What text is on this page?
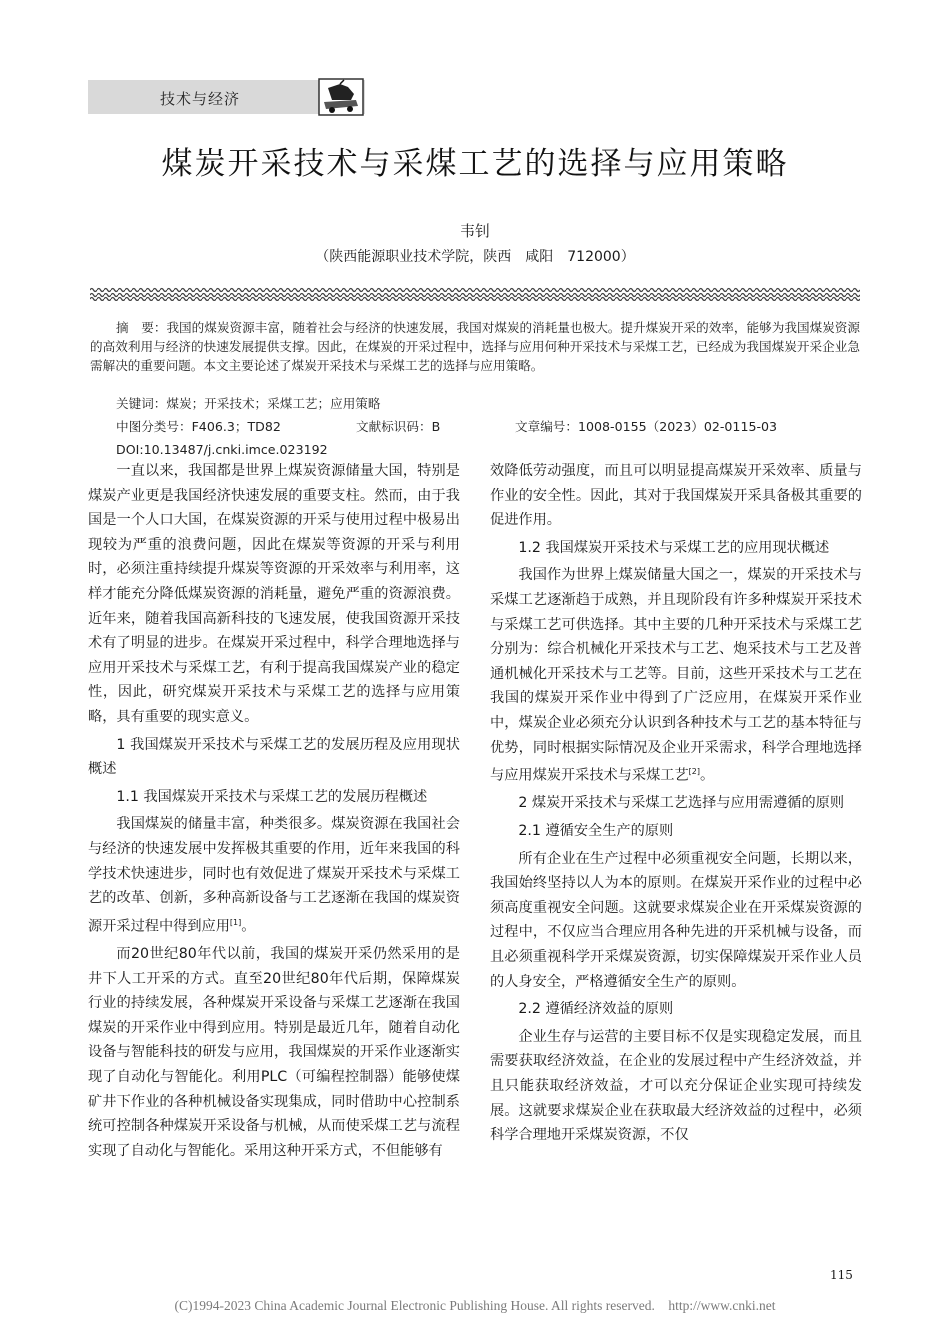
技术与经济
煤炭开采技术与采煤工艺的选择与应用策略
韦钊
（陕西能源职业技术学院，陕西　咸阳　712000）
摘　要：我国的煤炭资源丰富，随着社会与经济的快速发展，我国对煤炭的消耗量也极大。提升煤炭开采的效率，能够为我国煤炭资源的高效利用与经济的快速发展提供支撑。因此，在煤炭的开采过程中，选择与应用何种开采技术与采煤工艺，已经成为我国煤炭开采企业急需解决的重要问题。本文主要论述了煤炭开采技术与采煤工艺的选择与应用策略。
关键词：煤炭；开采技术；采煤工艺；应用策略
中图分类号：F406.3；TD82	文献标识码：B	文章编号：1008-0155（2023）02-0115-03
DOI:10.13487/j.cnki.imce.023192

一直以来，我国都是世界上煤炭资源储量大国，特别是煤炭产业更是我国经济快速发展的重要支柱。然而，由于我国是一个人口大国，在煤炭资源的开采与使用过程中极易出现较为严重的浪费问题，因此在煤炭等资源的开采与利用时，必须注重持续提升煤炭等资源的开采效率与利用率，这样才能充分降低煤炭资源的消耗量，避免严重的资源浪费。近年来，随着我国高新科技的飞速发展，使我国资源开采技术有了明显的进步。在煤炭开采过程中，科学合理地选择与应用开采技术与采煤工艺，有利于提高我国煤炭产业的稳定性，因此，研究煤炭开采技术与采煤工艺的选择与应用策略，具有重要的现实意义。

1 我国煤炭开采技术与采煤工艺的发展历程及应用现状概述

1.1 我国煤炭开采技术与采煤工艺的发展历程概述

我国煤炭的储量丰富，种类很多。煤炭资源在我国社会与经济的快速发展中发挥极其重要的作用，近年来我国的科学技术快速进步，同时也有效促进了煤炭开采技术与采煤工艺的改革、创新，多种高新设备与工艺逐渐在我国的煤炭资源开采过程中得到应用[1]。

而20世纪80年代以前，我国的煤炭开采仍然采用的是井下人工开采的方式。直至20世纪80年代后期，保障煤炭行业的持续发展，各种煤炭开采设备与采煤工艺逐渐在我国煤炭的开采作业中得到应用。特别是最近几年，随着自动化设备与智能科技的研发与应用，我国煤炭的开采作业逐渐实现了自动化与智能化。利用PLC（可编程控制器）能够使煤矿井下作业的各种机械设备实现集成，同时借助中心控制系统可控制各种煤炭开采设备与机械，从而使采煤工艺与流程实现了自动化与智能化。采用这种开采方式，不但能够有

效降低劳动强度，而且可以明显提高煤炭开采效率、质量与作业的安全性。因此，其对于我国煤炭开采具备极其重要的促进作用。

1.2 我国煤炭开采技术与采煤工艺的应用现状概述

我国作为世界上煤炭储量大国之一，煤炭的开采技术与采煤工艺逐渐趋于成熟，并且现阶段有许多种煤炭开采技术与采煤工艺可供选择。其中主要的几种开采技术与采煤工艺分别为：综合机械化开采技术与工艺、炮采技术与工艺及普通机械化开采技术与工艺等。目前，这些开采技术与工艺在我国的煤炭开采作业中得到了广泛应用，在煤炭开采作业中，煤炭企业必须充分认识到各种技术与工艺的基本特征与优势，同时根据实际情况及企业开采需求，科学合理地选择与应用煤炭开采技术与采煤工艺[2]。

2 煤炭开采技术与采煤工艺选择与应用需遵循的原则

2.1 遵循安全生产的原则

所有企业在生产过程中必须重视安全问题，长期以来，我国始终坚持以人为本的原则。在煤炭开采作业的过程中必须高度重视安全问题。这就要求煤炭企业在开采煤炭资源的过程中，不仅应当合理应用各种先进的开采机械与设备，而且必须重视科学开采煤炭资源，切实保障煤炭开采作业人员的人身安全，严格遵循安全生产的原则。

2.2 遵循经济效益的原则

企业生存与运营的主要目标不仅是实现稳定发展，而且需要获取经济效益，在企业的发展过程中产生经济效益，并且只能获取经济效益，才可以充分保证企业实现可持续发展。这就要求煤炭企业在获取最大经济效益的过程中，必须科学合理地开采煤炭资源，不仅

115
(C)1994-2023 China Academic Journal Electronic Publishing House. All rights reserved.    http://www.cnki.net
